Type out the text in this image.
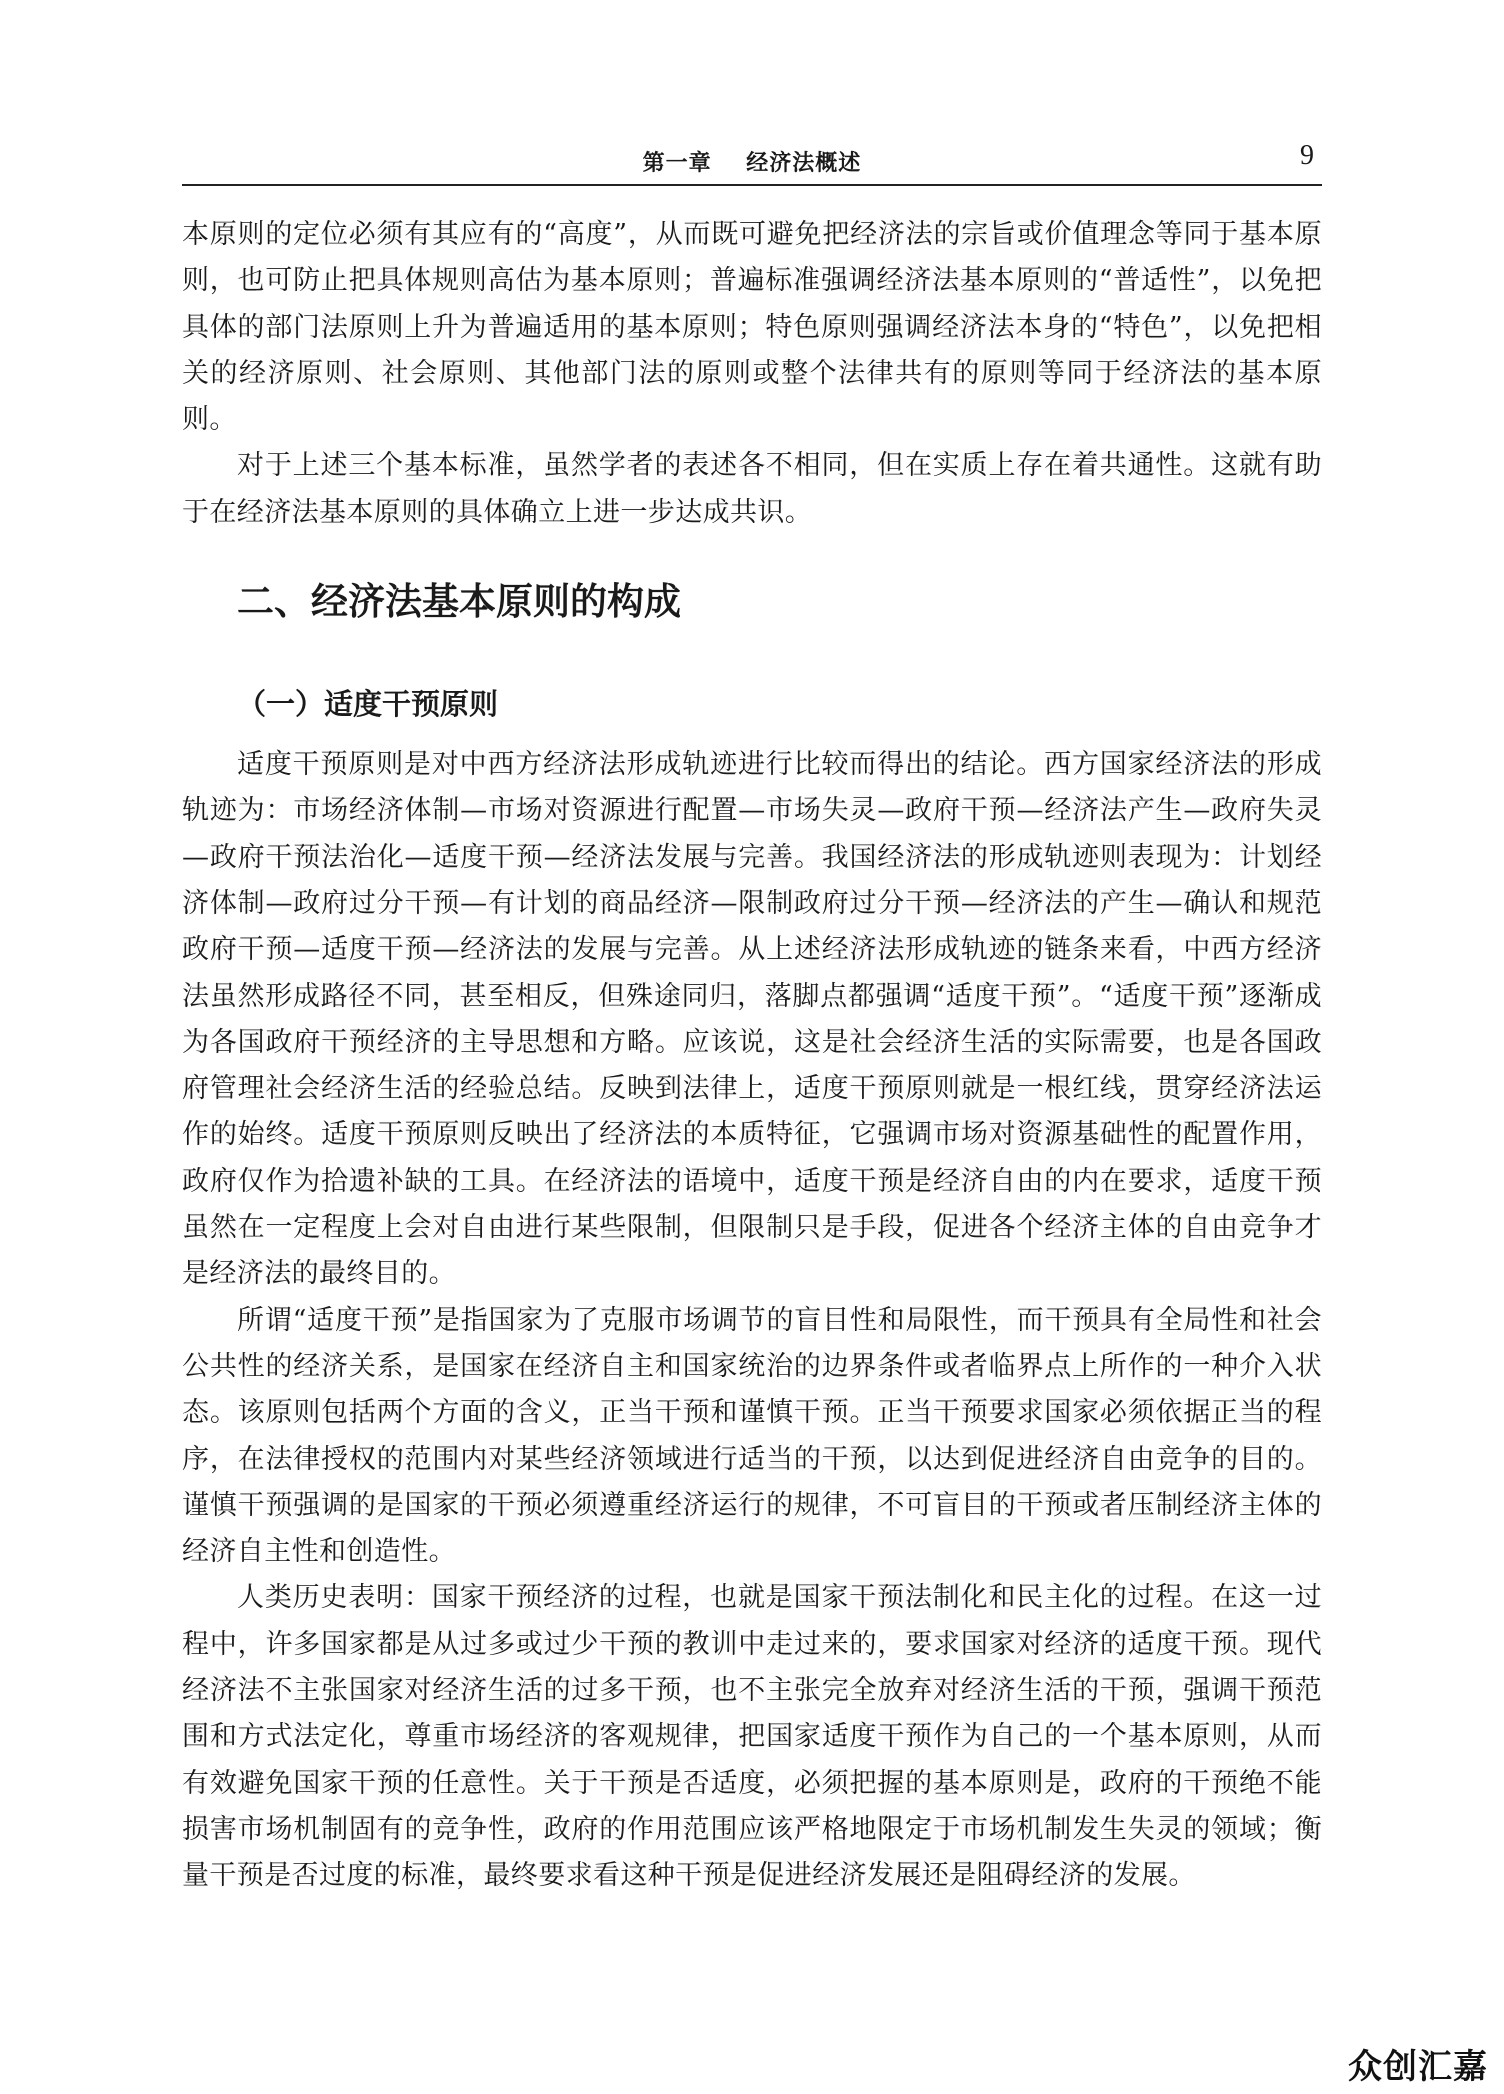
第一章    经济法概述	9

本原则的定位必须有其应有的“高度”，从而既可避免把经济法的宗旨或价值理念等同于基本原则，也可防止把具体规则高估为基本原则；普遍标准强调经济法基本原则的“普适性”，以免把具体的部门法原则上升为普遍适用的基本原则；特色原则强调经济法本身的“特色”，以免把相关的经济原则、社会原则、其他部门法的原则或整个法律共有的原则等同于经济法的基本原则。

对于上述三个基本标准，虽然学者的表述各不相同，但在实质上存在着共通性。这就有助于在经济法基本原则的具体确立上进一步达成共识。

二、经济法基本原则的构成
（一）适度干预原则

适度干预原则是对中西方经济法形成轨迹进行比较而得出的结论。西方国家经济法的形成轨迹为：市场经济体制—市场对资源进行配置—市场失灵—政府干预—经济法产生—政府失灵—政府干预法治化—适度干预—经济法发展与完善。我国经济法的形成轨迹则表现为：计划经济体制—政府过分干预—有计划的商品经济—限制政府过分干预—经济法的产生—确认和规范政府干预—适度干预—经济法的发展与完善。从上述经济法形成轨迹的链条来看，中西方经济法虽然形成路径不同，甚至相反，但殊途同归，落脚点都强调“适度干预”。“适度干预”逐渐成为各国政府干预经济的主导思想和方略。应该说，这是社会经济生活的实际需要，也是各国政府管理社会经济生活的经验总结。反映到法律上，适度干预原则就是一根红线，贯穿经济法运作的始终。适度干预原则反映出了经济法的本质特征，它强调市场对资源基础性的配置作用，政府仅作为拾遗补缺的工具。在经济法的语境中，适度干预是经济自由的内在要求，适度干预虽然在一定程度上会对自由进行某些限制，但限制只是手段，促进各个经济主体的自由竞争才是经济法的最终目的。

所谓“适度干预”是指国家为了克服市场调节的盲目性和局限性，而干预具有全局性和社会公共性的经济关系，是国家在经济自主和国家统治的边界条件或者临界点上所作的一种介入状态。该原则包括两个方面的含义，正当干预和谨慎干预。正当干预要求国家必须依据正当的程序，在法律授权的范围内对某些经济领域进行适当的干预，以达到促进经济自由竞争的目的。谨慎干预强调的是国家的干预必须遵重经济运行的规律，不可盲目的干预或者压制经济主体的经济自主性和创造性。

人类历史表明：国家干预经济的过程，也就是国家干预法制化和民主化的过程。在这一过程中，许多国家都是从过多或过少干预的教训中走过来的，要求国家对经济的适度干预。现代经济法不主张国家对经济生活的过多干预，也不主张完全放弃对经济生活的干预，强调干预范围和方式法定化，尊重市场经济的客观规律，把国家适度干预作为自己的一个基本原则，从而有效避免国家干预的任意性。关于干预是否适度，必须把握的基本原则是，政府的干预绝不能损害市场机制固有的竞争性，政府的作用范围应该严格地限定于市场机制发生失灵的领域；衡量干预是否过度的标准，最终要求看这种干预是促进经济发展还是阻碍经济的发展。

众创汇嘉
